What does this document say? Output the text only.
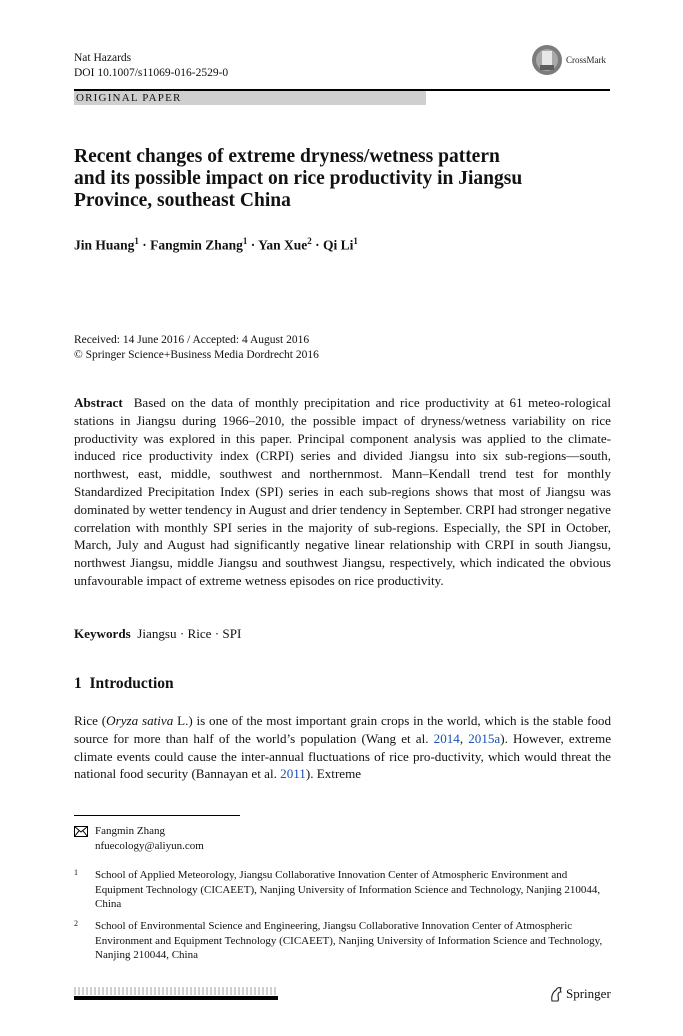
Nat Hazards
DOI 10.1007/s11069-016-2529-0
CrossMark
ORIGINAL PAPER
Recent changes of extreme dryness/wetness pattern
and its possible impact on rice productivity in Jiangsu
Province, southeast China
Jin Huang$^1$ · Fangmin Zhang$^1$ · Yan Xue$^2$ · Qi Li$^1$
Received: 14 June 2016 / Accepted: 4 August 2016
© Springer Science+Business Media Dordrecht 2016
Abstract Based on the data of monthly precipitation and rice productivity at 61 meteo-rological stations in Jiangsu during 1966–2010, the possible impact of dryness/wetness variability on rice productivity was explored in this paper. Principal component analysis was applied to the climate-induced rice productivity index (CRPI) series and divided Jiangsu into six sub-regions—south, northwest, east, middle, southwest and northernmost. Mann–Kendall trend test for monthly Standardized Precipitation Index (SPI) series in each sub-regions shows that most of Jiangsu was dominated by wetter tendency in August and drier tendency in September. CRPI had stronger negative correlation with monthly SPI series in the majority of sub-regions. Especially, the SPI in October, March, July and August had significantly negative linear relationship with CRPI in south Jiangsu, northwest Jiangsu, middle Jiangsu and southwest Jiangsu, respectively, which indicated the obvious unfavourable impact of extreme wetness episodes on rice productivity.
Keywords Jiangsu · Rice · SPI
1 Introduction
Rice (Oryza sativa L.) is one of the most important grain crops in the world, which is the stable food source for more than half of the world’s population (Wang et al. 2014, 2015a). However, extreme climate events could cause the inter-annual fluctuations of rice pro-ductivity, which would threat the national food security (Bannayan et al. 2011). Extreme
Fangmin Zhang
nfuecology@aliyun.com
1 School of Applied Meteorology, Jiangsu Collaborative Innovation Center of Atmospheric Environment and Equipment Technology (CICAEET), Nanjing University of Information Science and Technology, Nanjing 210044, China
2 School of Environmental Science and Engineering, Jiangsu Collaborative Innovation Center of Atmospheric Environment and Equipment Technology (CICAEET), Nanjing University of Information Science and Technology, Nanjing 210044, China
Springer
